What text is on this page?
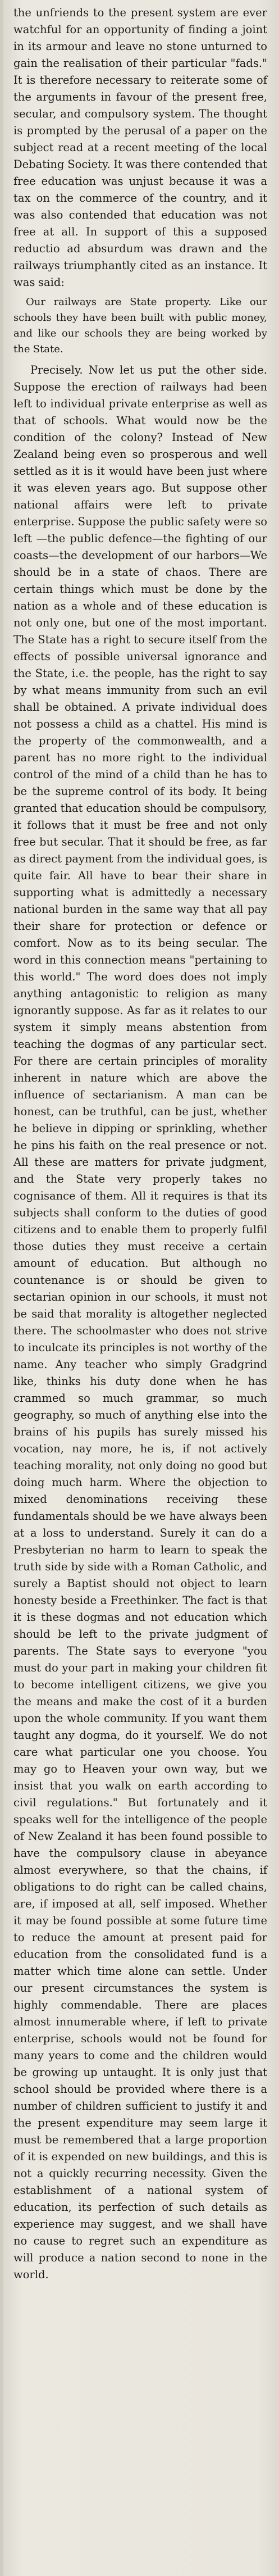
the unfriends to the present system are ever watchful for an opportunity of finding a joint in its armour and leave no stone unturned to gain the realisation of their particular "fads." It is therefore necessary to reiterate some of the arguments in favour of the present free, secular, and compulsory system. The thought is prompted by the perusal of a paper on the subject read at a recent meeting of the local Debating Society. It was there contended that free education was unjust because it was a tax on the commerce of the country, and it was also contended that education was not free at all. In support of this a supposed reductio ad absurdum was drawn and the railways triumphantly cited as an instance. It was said:

Our railways are State property. Like our schools they have been built with public money, and like our schools they are being worked by the State.

Precisely. Now let us put the other side. Suppose the erection of railways had been left to individual private enterprise as well as that of schools. What would now be the condition of the colony? Instead of New Zealand being even so prosperous and well settled as it is it would have been just where it was eleven years ago. But suppose other national affairs were left to private enterprise. Suppose the public safety were so left —the public defence—the fighting of our coasts—the development of our harbors—We should be in a state of chaos. There are certain things which must be done by the nation as a whole and of these education is not only one, but one of the most important. The State has a right to secure itself from the effects of possible universal ignorance and the State, i.e. the people, has the right to say by what means immunity from such an evil shall be obtained. A private individual does not possess a child as a chattel. His mind is the property of the commonwealth, and a parent has no more right to the individual control of the mind of a child than he has to be the supreme control of its body. It being granted that education should be compulsory, it follows that it must be free and not only free but secular. That it should be free, as far as direct payment from the individual goes, is quite fair. All have to bear their share in supporting what is admittedly a necessary national burden in the same way that all pay their share for protection or defence or comfort. Now as to its being secular. The word in this connection means "pertaining to this world." The word does does not imply anything antagonistic to religion as many ignorantly suppose. As far as it relates to our system it simply means abstention from teaching the dogmas of any particular sect. For there are certain principles of morality inherent in nature which are above the influence of sectarianism. A man can be honest, can be truthful, can be just, whether he believe in dipping or sprinkling, whether he pins his faith on the real presence or not. All these are matters for private judgment, and the State very properly takes no cognisance of them. All it requires is that its subjects shall conform to the duties of good citizens and to enable them to properly fulfil those duties they must receive a certain amount of education. But although no countenance is or should be given to sectarian opinion in our schools, it must not be said that morality is altogether neglected there. The schoolmaster who does not strive to inculcate its principles is not worthy of the name. Any teacher who simply Gradgrind like, thinks his duty done when he has crammed so much grammar, so much geography, so much of anything else into the brains of his pupils has surely missed his vocation, nay more, he is, if not actively teaching morality, not only doing no good but doing much harm. Where the objection to mixed denominations receiving these fundamentals should be we have always been at a loss to understand. Surely it can do a Presbyterian no harm to learn to speak the truth side by side with a Roman Catholic, and surely a Baptist should not object to learn honesty beside a Freethinker. The fact is that it is these dogmas and not education which should be left to the private judgment of parents. The State says to everyone "you must do your part in making your children fit to become intelligent citizens, we give you the means and make the cost of it a burden upon the whole community. If you want them taught any dogma, do it yourself. We do not care what particular one you choose. You may go to Heaven your own way, but we insist that you walk on earth according to civil regulations." But fortunately and it speaks well for the intelligence of the people of New Zealand it has been found possible to have the compulsory clause in abeyance almost everywhere, so that the chains, if obligations to do right can be called chains, are, if imposed at all, self imposed. Whether it may be found possible at some future time to reduce the amount at present paid for education from the consolidated fund is a matter which time alone can settle. Under our present circumstances the system is highly commendable. There are places almost innumerable where, if left to private enterprise, schools would not be found for many years to come and the children would be growing up untaught. It is only just that school should be provided where there is a number of children sufficient to justify it and the present expenditure may seem large it must be remembered that a large proportion of it is expended on new buildings, and this is not a quickly recurring necessity. Given the establishment of a national system of education, its perfection of such details as experience may suggest, and we shall have no cause to regret such an expenditure as will produce a nation second to none in the world.
